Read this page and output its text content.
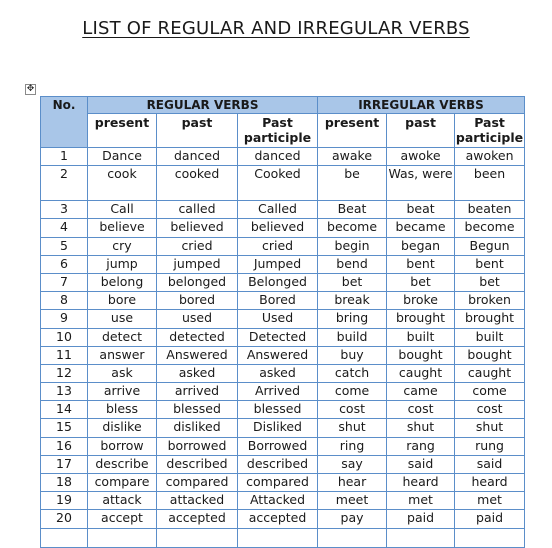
LIST OF REGULAR AND IRREGULAR VERBS
✥
No.	REGULAR VERBS			IRREGULAR VERBS		
	present	past	Past participle	present	past	Past participle
1	Dance	danced	danced	awake	awoke	awoken
2	cook	cooked	Cooked	be	Was, were	been
3	Call	called	Called	Beat	beat	beaten
4	believe	believed	believed	become	became	become
5	cry	cried	cried	begin	began	Begun
6	jump	jumped	Jumped	bend	bent	bent
7	belong	belonged	Belonged	bet	bet	bet
8	bore	bored	Bored	break	broke	broken
9	use	used	Used	bring	brought	brought
10	detect	detected	Detected	build	built	built
11	answer	Answered	Answered	buy	bought	bought
12	ask	asked	asked	catch	caught	caught
13	arrive	arrived	Arrived	come	came	come
14	bless	blessed	blessed	cost	cost	cost
15	dislike	disliked	Disliked	shut	shut	shut
16	borrow	borrowed	Borrowed	ring	rang	rung
17	describe	described	described	say	said	said
18	compare	compared	compared	hear	heard	heard
19	attack	attacked	Attacked	meet	met	met
20	accept	accepted	accepted	pay	paid	paid
